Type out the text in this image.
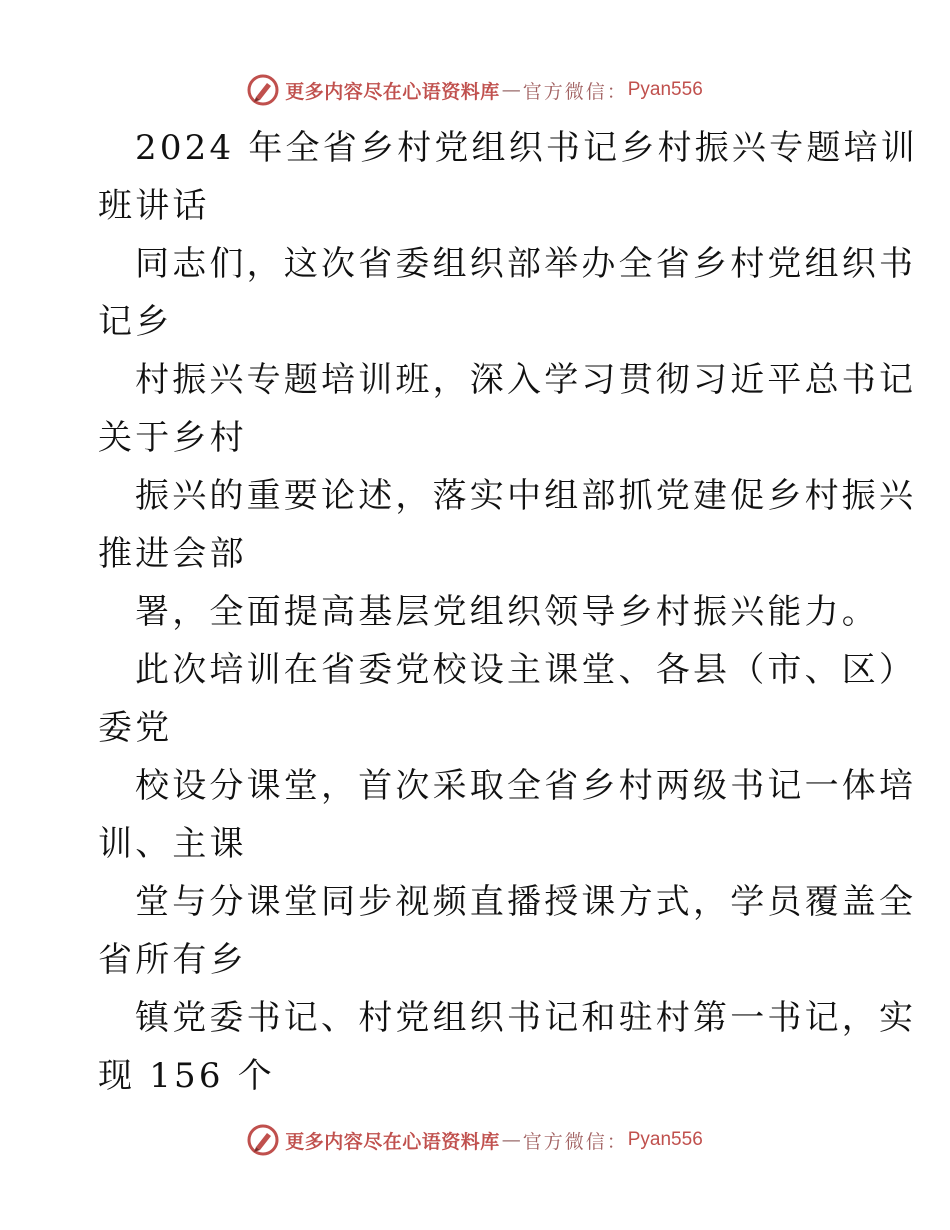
更多内容尽在心语资料库 — 官方微信： Pyan556
2024 年全省乡村党组织书记乡村振兴专题培训
班讲话
同志们，这次省委组织部举办全省乡村党组织书
记乡
村振兴专题培训班，深入学习贯彻习近平总书记
关于乡村
振兴的重要论述，落实中组部抓党建促乡村振兴
推进会部
署，全面提高基层党组织领导乡村振兴能力。
此次培训在省委党校设主课堂、各县（市、区）
委党
校设分课堂，首次采取全省乡村两级书记一体培
训、主课
堂与分课堂同步视频直播授课方式，学员覆盖全
省所有乡
镇党委书记、村党组织书记和驻村第一书记，实
现 156 个
更多内容尽在心语资料库 — 官方微信： Pyan556
